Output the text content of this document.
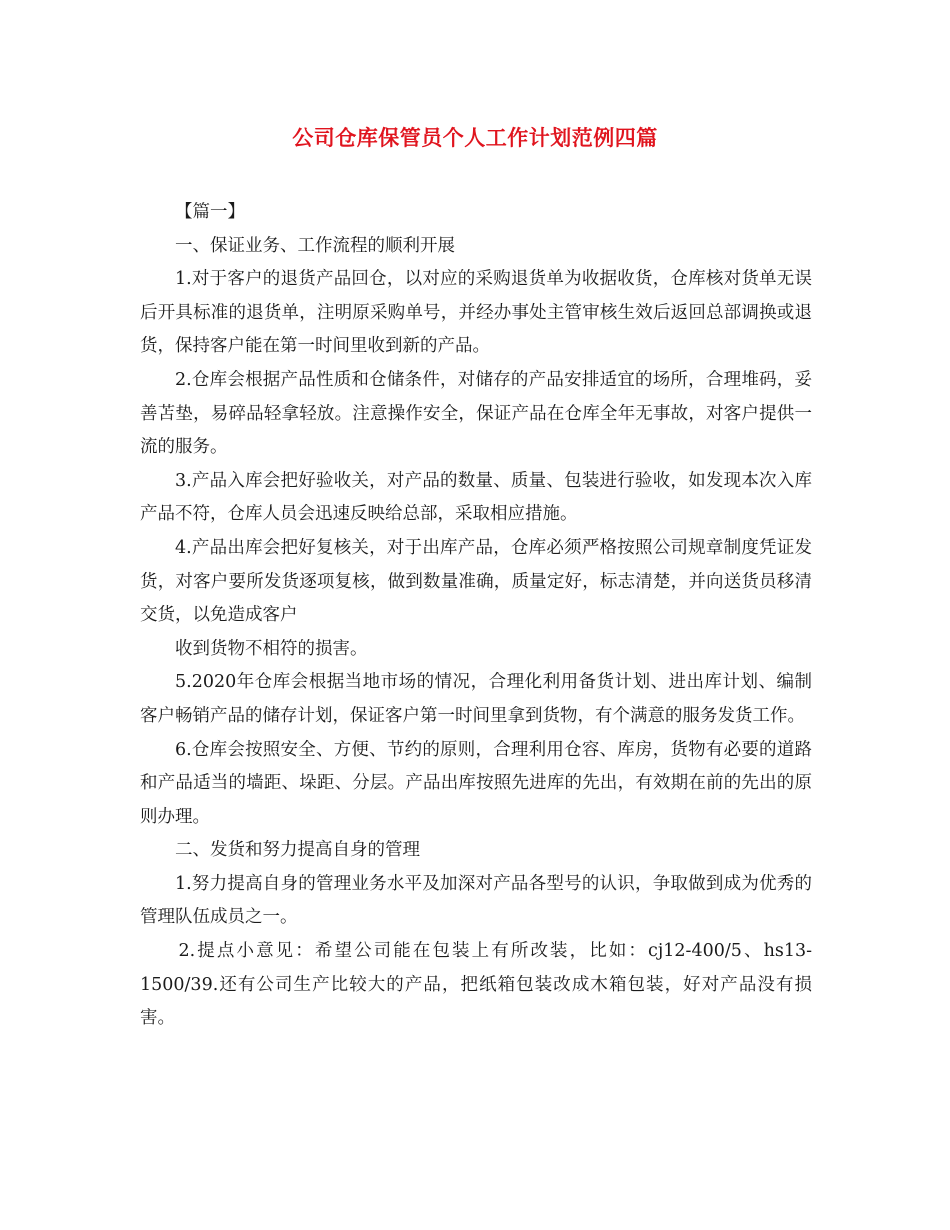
公司仓库保管员个人工作计划范例四篇

【篇一】

一、保证业务、工作流程的顺利开展

1.对于客户的退货产品回仓，以对应的采购退货单为收据收货，仓库核对货单无误后开具标准的退货单，注明原采购单号，并经办事处主管审核生效后返回总部调换或退货，保持客户能在第一时间里收到新的产品。

2.仓库会根据产品性质和仓储条件，对储存的产品安排适宜的场所，合理堆码，妥善苫垫，易碎品轻拿轻放。注意操作安全，保证产品在仓库全年无事故，对客户提供一流的服务。

3.产品入库会把好验收关，对产品的数量、质量、包装进行验收，如发现本次入库产品不符，仓库人员会迅速反映给总部，采取相应措施。

4.产品出库会把好复核关，对于出库产品，仓库必须严格按照公司规章制度凭证发货，对客户要所发货逐项复核，做到数量准确，质量定好，标志清楚，并向送货员移清交货，以免造成客户

收到货物不相符的损害。

5.2020年仓库会根据当地市场的情况，合理化利用备货计划、进出库计划、编制客户畅销产品的储存计划，保证客户第一时间里拿到货物，有个满意的服务发货工作。

6.仓库会按照安全、方便、节约的原则，合理利用仓容、库房，货物有必要的道路和产品适当的墙距、垛距、分层。产品出库按照先进库的先出，有效期在前的先出的原则办理。

二、发货和努力提高自身的管理

1.努力提高自身的管理业务水平及加深对产品各型号的认识，争取做到成为优秀的管理队伍成员之一。

2.提点小意见：希望公司能在包装上有所改装，比如：cj12-400/5、hs13-1500/39.还有公司生产比较大的产品，把纸箱包装改成木箱包装，好对产品没有损害。
